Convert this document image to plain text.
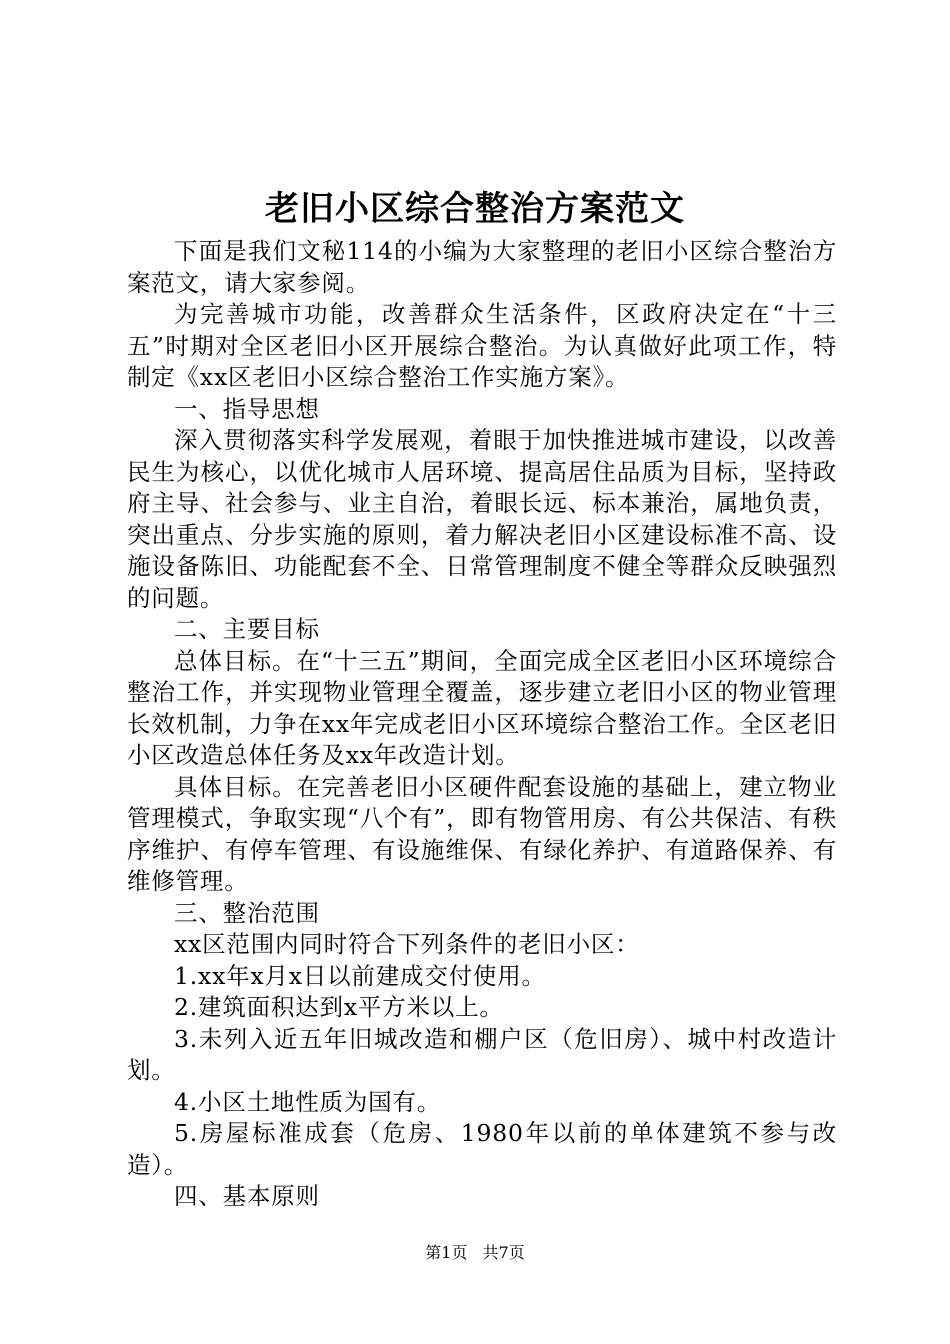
老旧小区综合整治方案范文

下面是我们文秘114的小编为大家整理的老旧小区综合整治方案范文，请大家参阅。

为完善城市功能，改善群众生活条件，区政府决定在“十三五”时期对全区老旧小区开展综合整治。为认真做好此项工作，特制定《xx区老旧小区综合整治工作实施方案》。

一、指导思想

深入贯彻落实科学发展观，着眼于加快推进城市建设，以改善民生为核心，以优化城市人居环境、提高居住品质为目标，坚持政府主导、社会参与、业主自治，着眼长远、标本兼治，属地负责，突出重点、分步实施的原则，着力解决老旧小区建设标准不高、设施设备陈旧、功能配套不全、日常管理制度不健全等群众反映强烈的问题。

二、主要目标

总体目标。在“十三五”期间，全面完成全区老旧小区环境综合整治工作，并实现物业管理全覆盖，逐步建立老旧小区的物业管理长效机制，力争在xx年完成老旧小区环境综合整治工作。全区老旧小区改造总体任务及xx年改造计划。

具体目标。在完善老旧小区硬件配套设施的基础上，建立物业管理模式，争取实现“八个有”，即有物管用房、有公共保洁、有秩序维护、有停车管理、有设施维保、有绿化养护、有道路保养、有维修管理。

三、整治范围

xx区范围内同时符合下列条件的老旧小区：

1.xx年x月x日以前建成交付使用。

2.建筑面积达到x平方米以上。

3.未列入近五年旧城改造和棚户区（危旧房）、城中村改造计划。

4.小区土地性质为国有。

5.房屋标准成套（危房、1980年以前的单体建筑不参与改造）。

四、基本原则

第1页 共7页
